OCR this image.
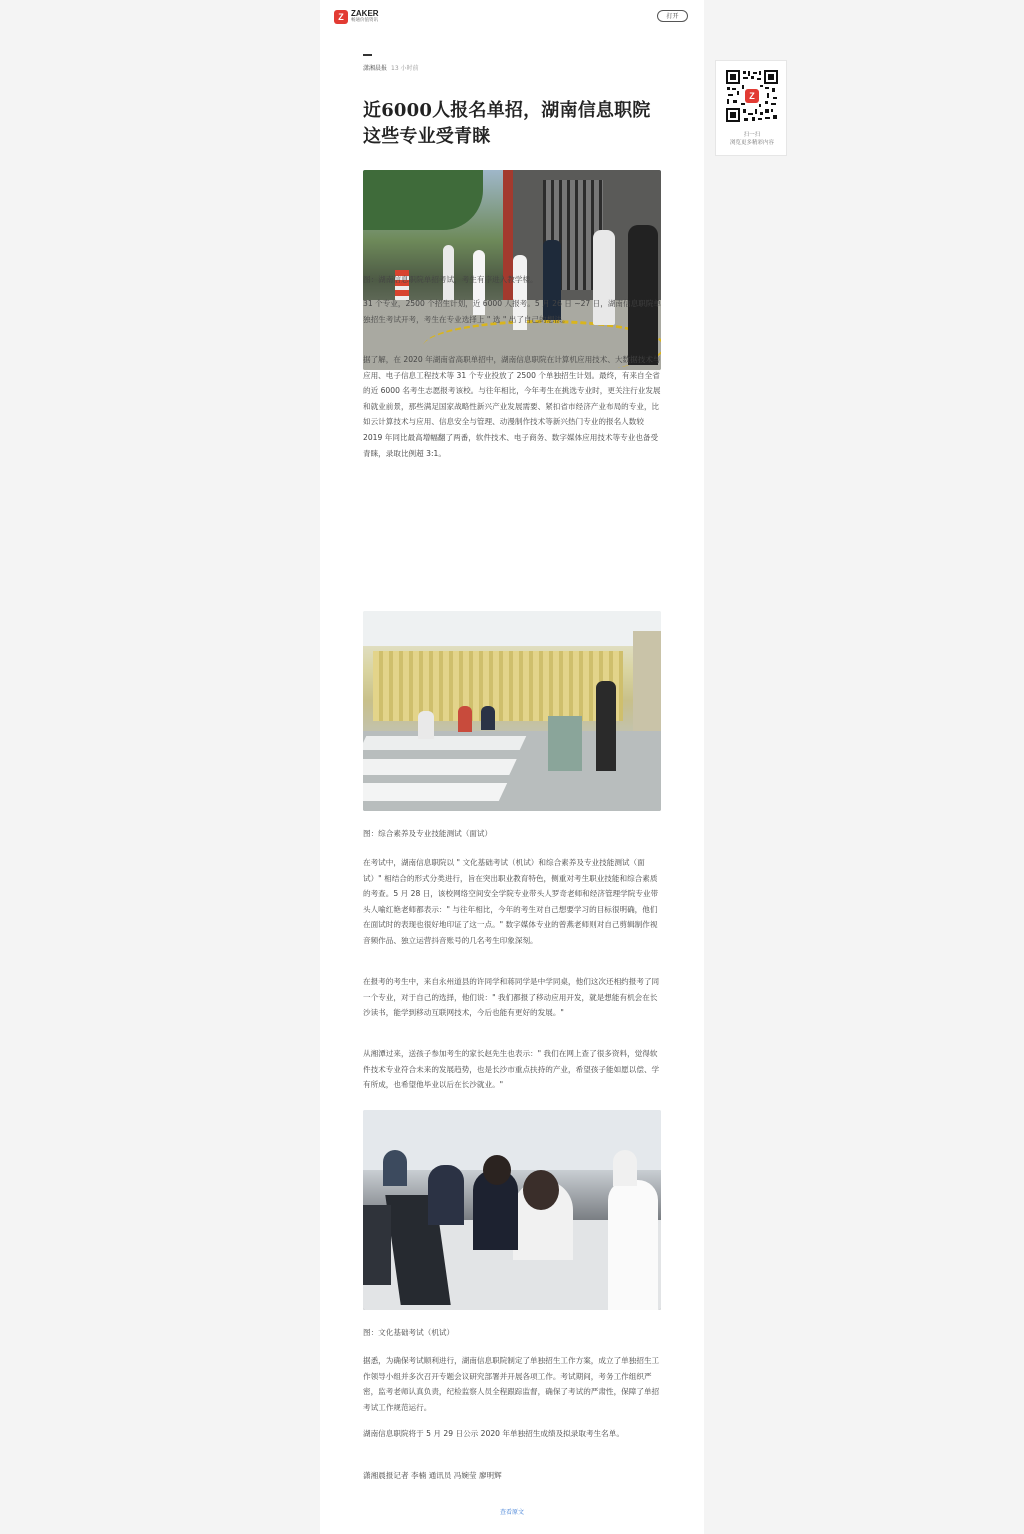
Z ZAKER
畅通价值资讯
打开
潇湘晨报 13 小时前
近6000人报名单招，湖南信息职院这些专业受青睐

图：湖南信息职院单招考试，考生有序进入教学楼。

31 个专业，2500 个招生计划，近 6000 人报考。5 月 26 日 ~27 日，湖南信息职院单独招生考试开考，考生在专业选择上 " 选 " 出了自己的想法。

据了解，在 2020 年湖南省高职单招中，湖南信息职院在计算机应用技术、大数据技术与应用、电子信息工程技术等 31 个专业投放了 2500 个单独招生计划。最终，有来自全省的近 6000 名考生志愿报考该校。与往年相比，今年考生在挑选专业时，更关注行业发展和就业前景，那些满足国家战略性新兴产业发展需要、紧扣省市经济产业布局的专业，比如云计算技术与应用、信息安全与管理、动漫制作技术等新兴热门专业的报名人数较 2019 年同比最高增幅翻了两番，软件技术、电子商务、数字媒体应用技术等专业也备受青睐，录取比例超 3:1。

图：综合素养及专业技能测试（面试）

在考试中，湖南信息职院以 " 文化基础考试（机试）和综合素养及专业技能测试（面试）" 相结合的形式分类进行，旨在突出职业教育特色，侧重对考生职业技能和综合素质的考查。5 月 28 日，该校网络空间安全学院专业带头人罗奇老师和经济管理学院专业带头人喻红艳老师都表示：" 与往年相比，今年的考生对自己想要学习的目标很明确，他们在面试时的表现也很好地印证了这一点。" 数字媒体专业的曾燕老师则对自己剪辑制作视音频作品、独立运营抖音账号的几名考生印象深刻。

在报考的考生中，来自永州道县的许同学和蒋同学是中学同桌，他们这次还相约报考了同一个专业，对于自己的选择，他们说：" 我们都报了移动应用开发，就是想能有机会在长沙读书，能学到移动互联网技术，今后也能有更好的发展。"

从湘潭过来，送孩子参加考生的家长赵先生也表示：" 我们在网上查了很多资料，觉得软件技术专业符合未来的发展趋势，也是长沙市重点扶持的产业，希望孩子能如愿以偿、学有所成，也希望他毕业以后在长沙就业。"

图：文化基础考试（机试）

据悉，为确保考试顺利进行，湖南信息职院制定了单独招生工作方案，成立了单独招生工作领导小组并多次召开专题会议研究部署并开展各项工作。考试期间，考务工作组织严密，监考老师认真负责，纪检监察人员全程跟踪监督，确保了考试的严肃性，保障了单招考试工作规范运行。

湖南信息职院将于 5 月 29 日公示 2020 年单独招生成绩及拟录取考生名单。

潇湘晨报记者 李楠 通讯员 冯婉莹 廖明辉

查看原文
Z
扫一扫
浏览更多精彩内容
